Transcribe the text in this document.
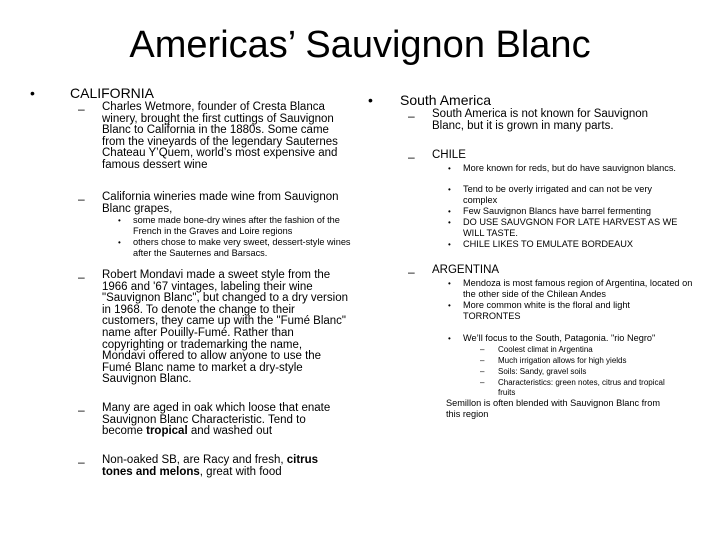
Americas’ Sauvignon Blanc
•	CALIFORNIA
– Charles Wetmore, founder of Cresta Blanca winery, brought the first cuttings of Sauvignon Blanc to California in the 1880s. Some came from the vineyards of the legendary Sauternes Chateau Y’Quem, world’s most expensive and famous dessert wine
– California wineries made wine from Sauvignon Blanc grapes,
• some made bone-dry wines after the fashion of the French in the Graves and Loire regions
• others chose to make very sweet, dessert-style wines after the Sauternes and Barsacs.
– Robert Mondavi made a sweet style from the 1966 and '67 vintages, labeling their wine "Sauvignon Blanc", but changed to a dry version in 1968. To denote the change to their customers, they came up with the "Fumé Blanc" name after Pouilly-Fumé. Rather than copyrighting or trademarking the name, Mondavi offered to allow anyone to use the Fumé Blanc name to market a dry-style Sauvignon Blanc.
– Many are aged in oak which loose that enate Sauvignon Blanc Characteristic. Tend to become tropical and washed out
– Non-oaked SB, are Racy and fresh, citrus tones and melons, great with food
• South America
– South America is not known for Sauvignon Blanc, but it is grown in many parts.
– CHILE
• More known for reds, but do have sauvignon blancs.
• Tend to be overly irrigated and can not be very complex
• Few Sauvignon Blancs have barrel fermenting
• DO USE SAUVGNON FOR LATE HARVEST AS WE WILL TASTE.
• CHILE LIKES TO EMULATE BORDEAUX
– ARGENTINA
• Mendoza is most famous region of Argentina, located on the other side of the Chilean Andes
• More common white is the floral and light TORRONTES
• We’ll focus to the South, Patagonia. "rio Negro"
– Coolest climat in Argentina
– Much irrigation allows for high yields
– Soils: Sandy, gravel soils
– Characteristics: green notes, citrus and tropical fruits
Semillon is often blended with Sauvignon Blanc from this region
